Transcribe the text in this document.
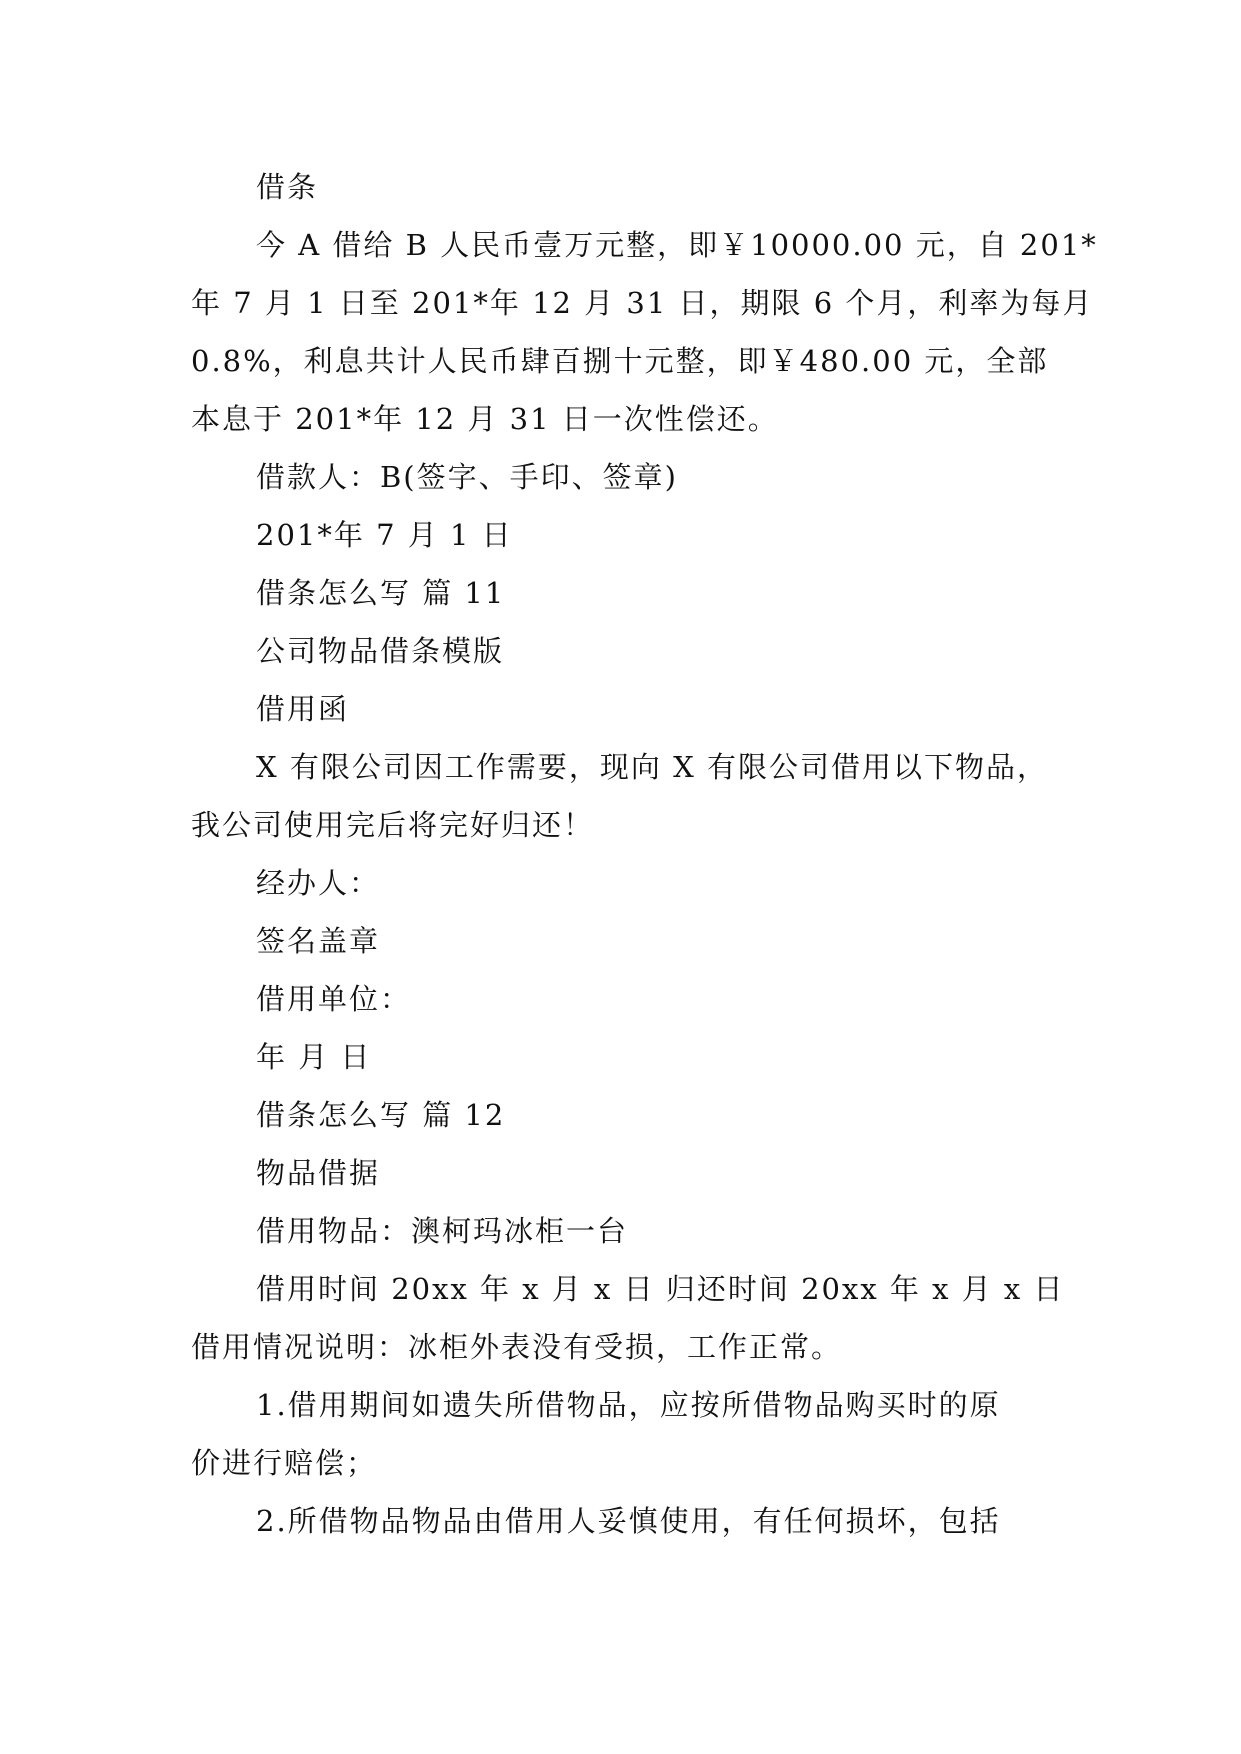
借条
今 A 借给 B 人民币壹万元整，即￥10000.00 元，自 201*
年 7 月 1 日至 201*年 12 月 31 日，期限 6 个月，利率为每月
0.8%，利息共计人民币肆百捌十元整，即￥480.00 元，全部
本息于 201*年 12 月 31 日一次性偿还。
借款人：B(签字、手印、签章)
201*年 7 月 1 日
借条怎么写 篇 11
公司物品借条模版
借用函
X 有限公司因工作需要，现向 X 有限公司借用以下物品，
我公司使用完后将完好归还！
经办人：
签名盖章
借用单位：
年 月 日
借条怎么写 篇 12
物品借据
借用物品：澳柯玛冰柜一台
借用时间 20xx 年 x 月 x 日 归还时间 20xx 年 x 月 x 日
借用情况说明：冰柜外表没有受损，工作正常。
1.借用期间如遗失所借物品，应按所借物品购买时的原
价进行赔偿；
2.所借物品物品由借用人妥慎使用，有任何损坏，包括
